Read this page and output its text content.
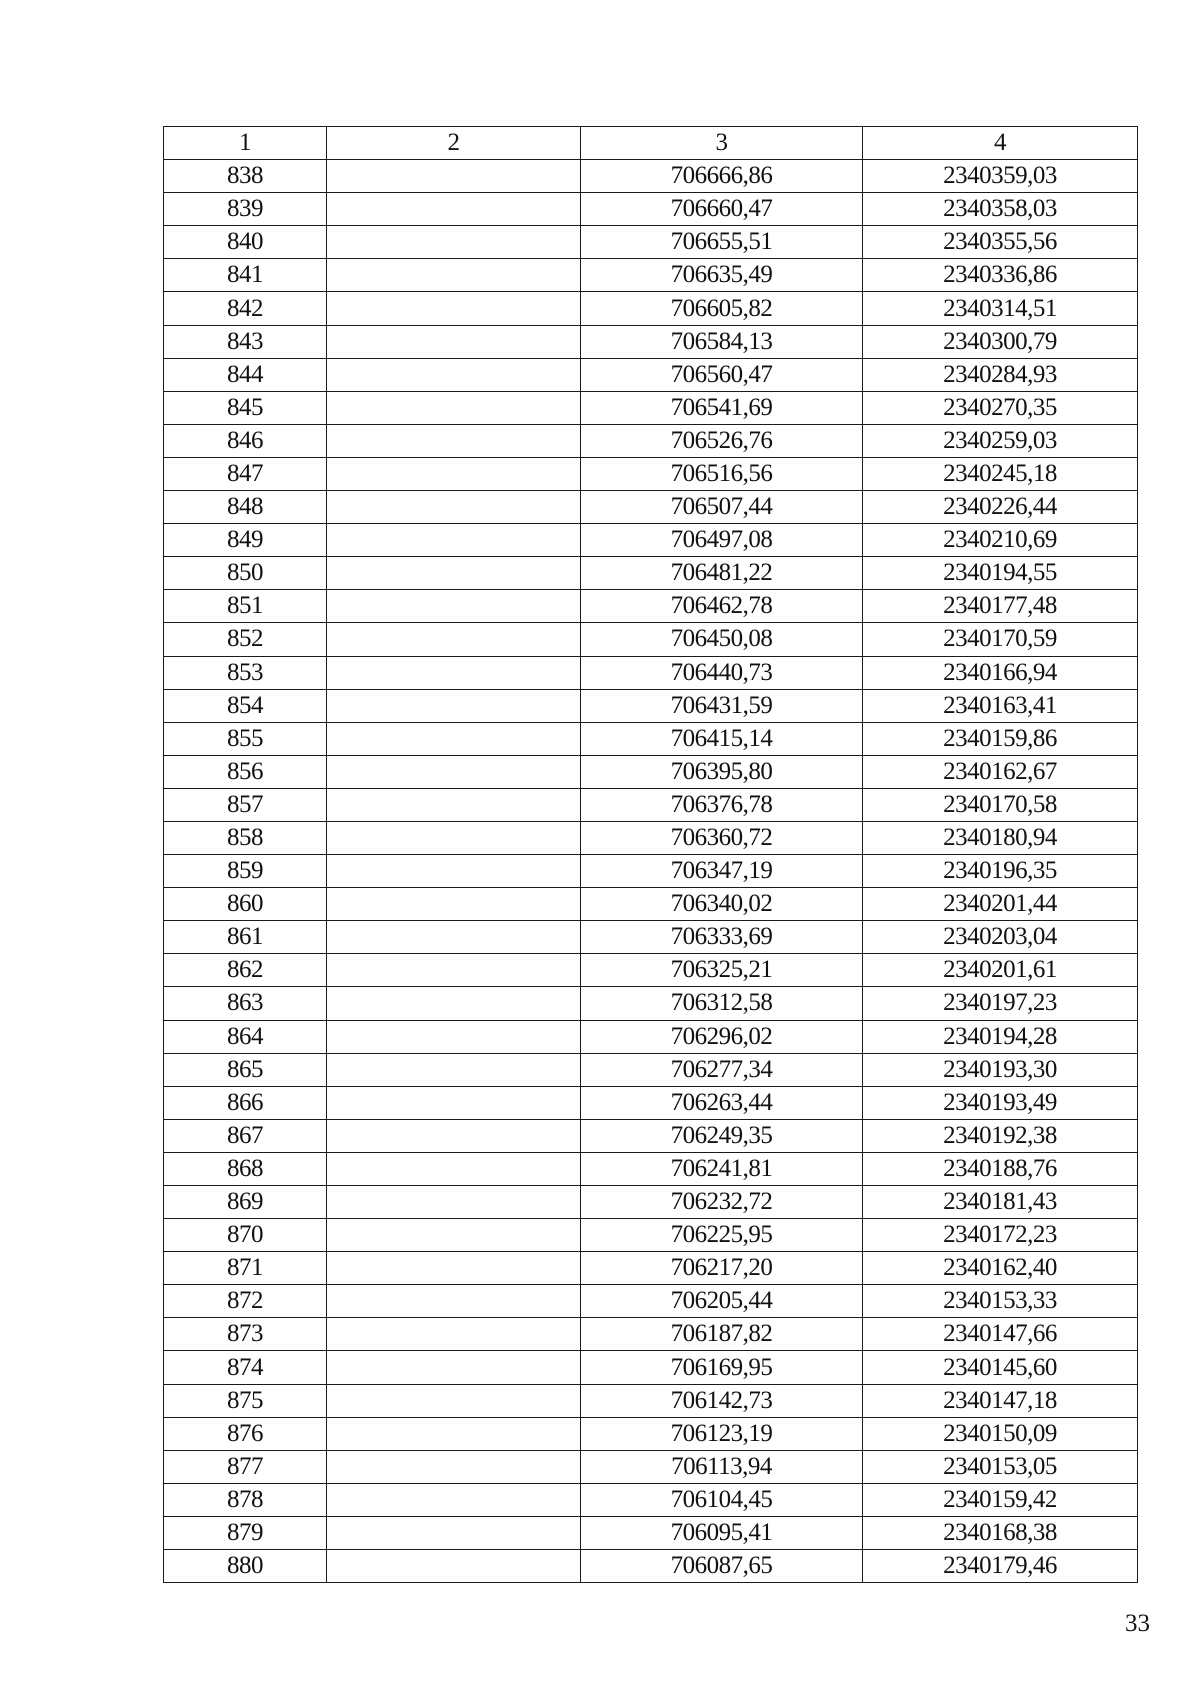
1	2	3	4
838		706666,86	2340359,03
839		706660,47	2340358,03
840		706655,51	2340355,56
841		706635,49	2340336,86
842		706605,82	2340314,51
843		706584,13	2340300,79
844		706560,47	2340284,93
845		706541,69	2340270,35
846		706526,76	2340259,03
847		706516,56	2340245,18
848		706507,44	2340226,44
849		706497,08	2340210,69
850		706481,22	2340194,55
851		706462,78	2340177,48
852		706450,08	2340170,59
853		706440,73	2340166,94
854		706431,59	2340163,41
855		706415,14	2340159,86
856		706395,80	2340162,67
857		706376,78	2340170,58
858		706360,72	2340180,94
859		706347,19	2340196,35
860		706340,02	2340201,44
861		706333,69	2340203,04
862		706325,21	2340201,61
863		706312,58	2340197,23
864		706296,02	2340194,28
865		706277,34	2340193,30
866		706263,44	2340193,49
867		706249,35	2340192,38
868		706241,81	2340188,76
869		706232,72	2340181,43
870		706225,95	2340172,23
871		706217,20	2340162,40
872		706205,44	2340153,33
873		706187,82	2340147,66
874		706169,95	2340145,60
875		706142,73	2340147,18
876		706123,19	2340150,09
877		706113,94	2340153,05
878		706104,45	2340159,42
879		706095,41	2340168,38
880		706087,65	2340179,46
33
